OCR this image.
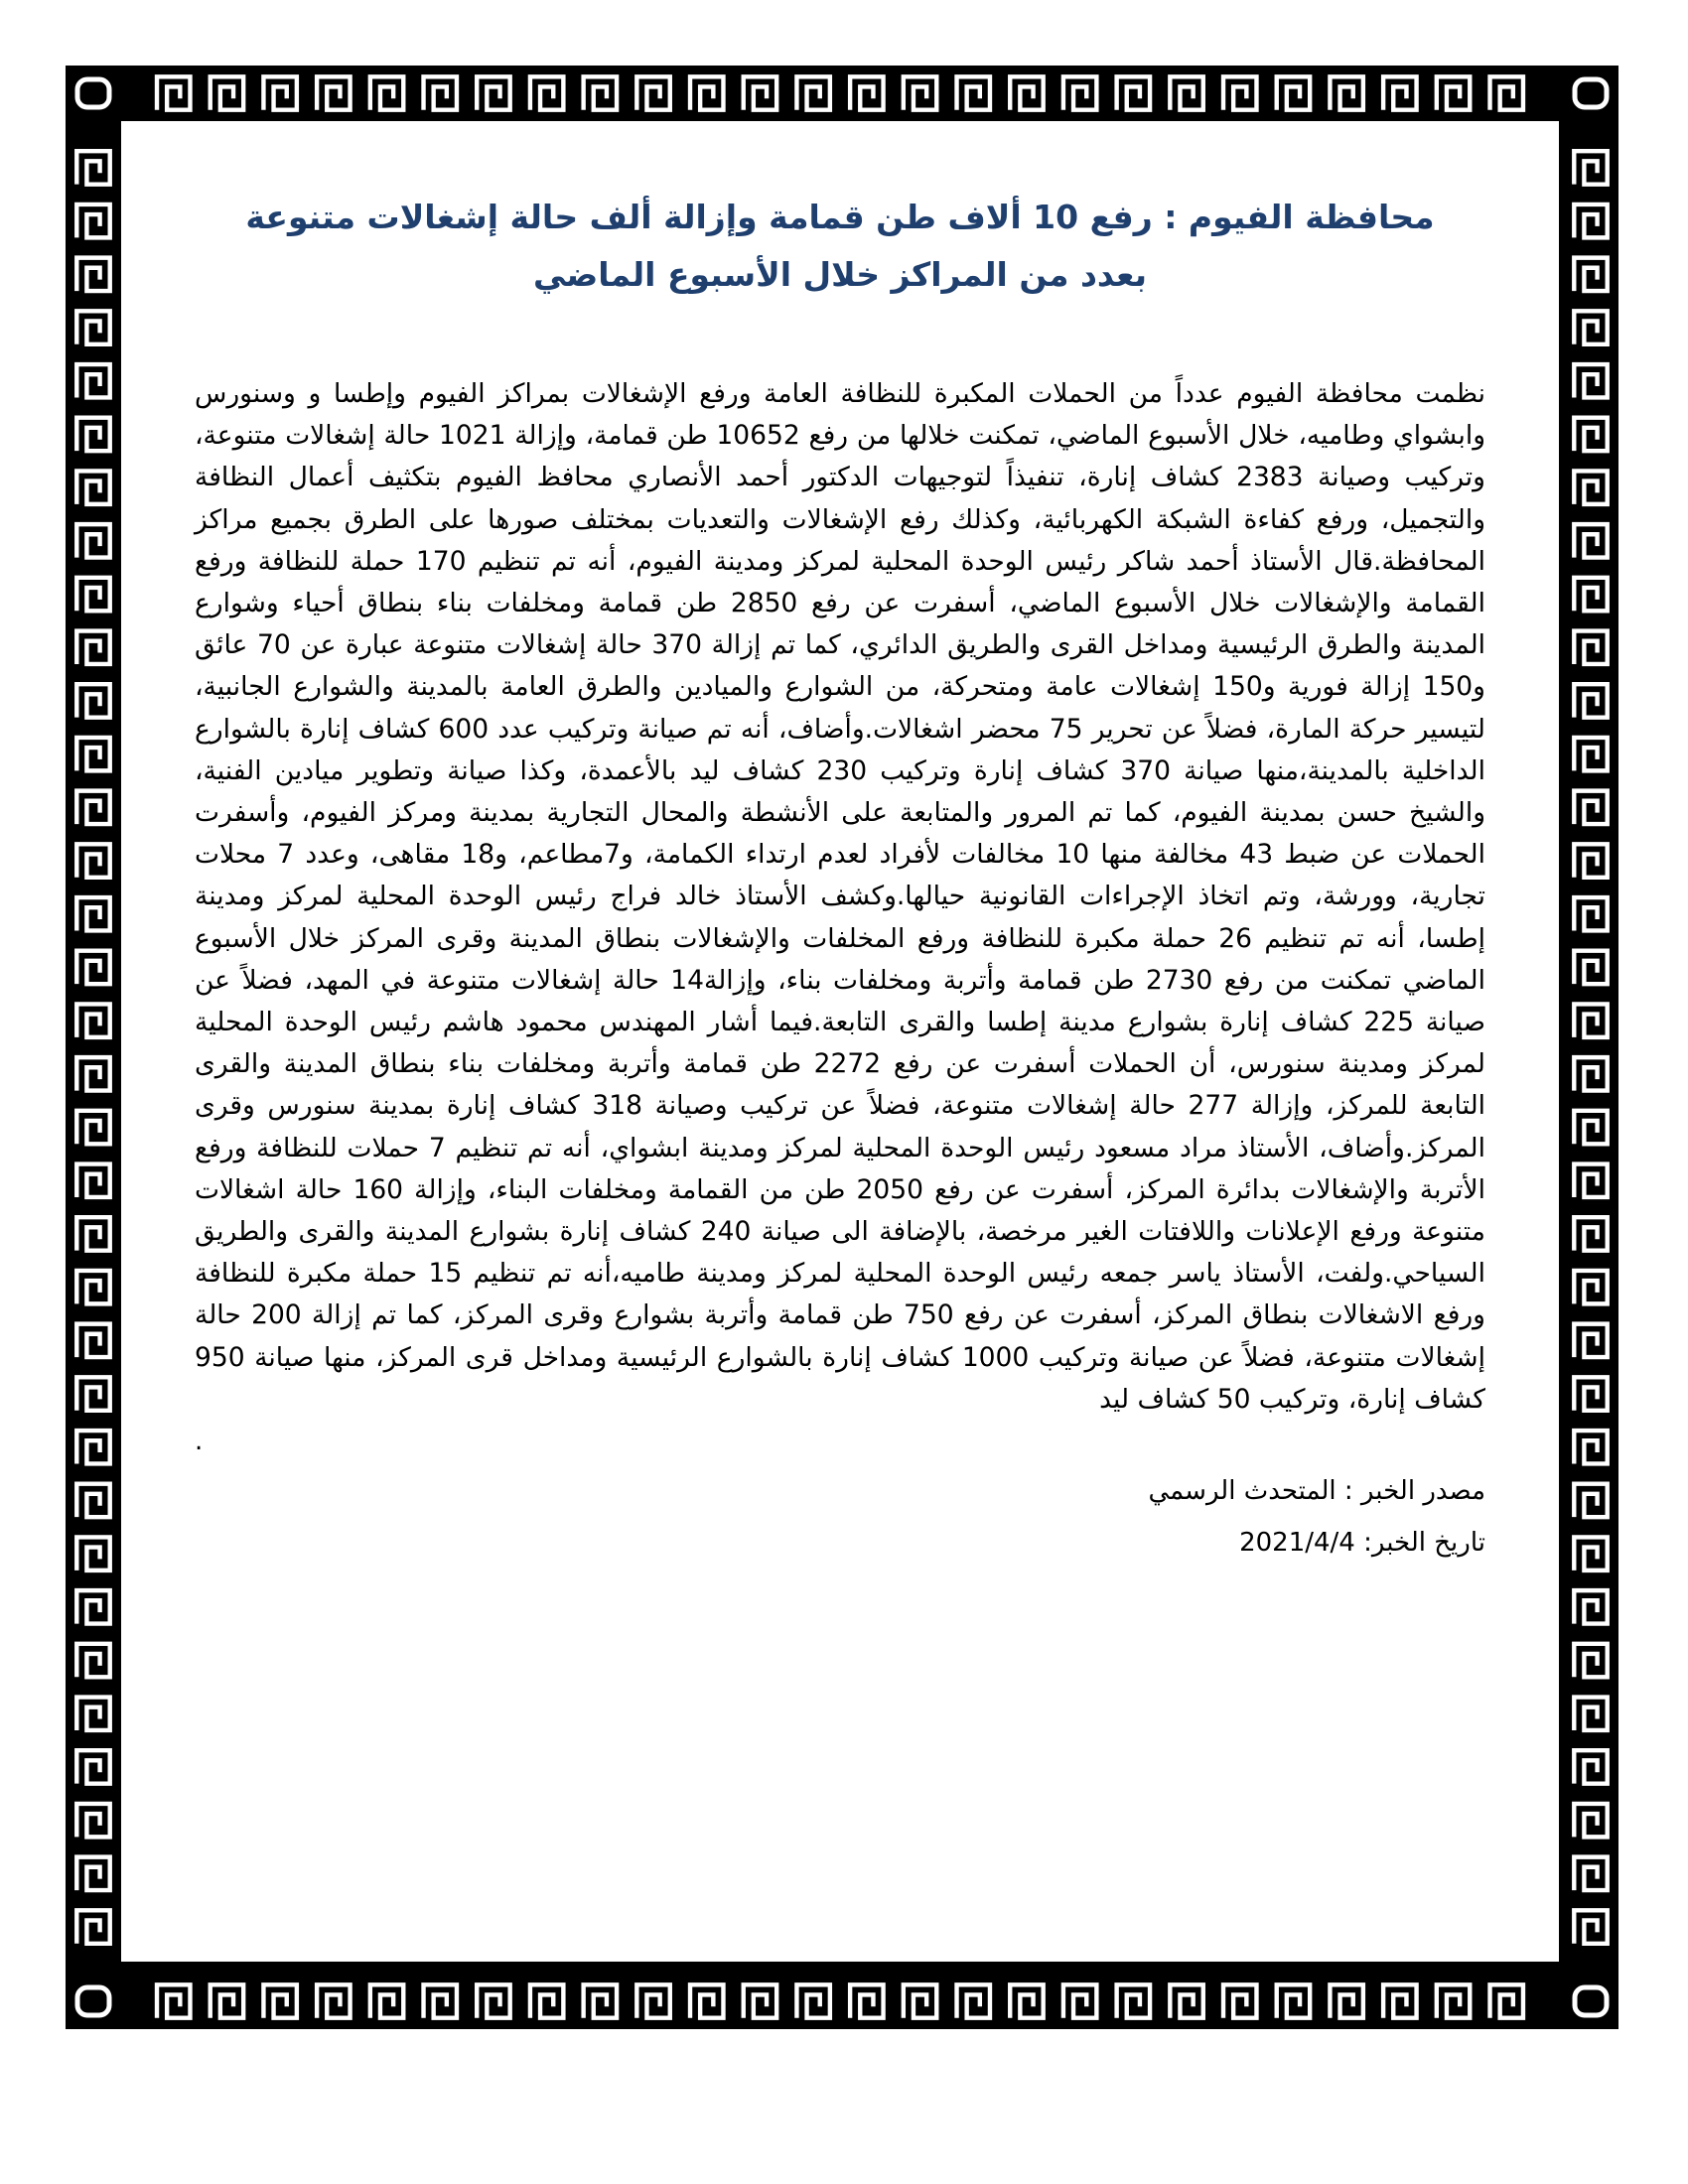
محافظة الفيوم : رفع 10 ألاف طن قمامة وإزالة ألف حالة إشغالات متنوعة بعدد من المراكز خلال الأسبوع الماضي

نظمت محافظة الفيوم عدداً من الحملات المكبرة للنظافة العامة ورفع الإشغالات بمراكز الفيوم وإطسا و وسنورس وابشواي وطاميه، خلال الأسبوع الماضي، تمكنت خلالها من رفع 10652 طن قمامة، وإزالة 1021 حالة إشغالات متنوعة، وتركيب وصيانة 2383 كشاف إنارة، تنفيذاً لتوجيهات الدكتور أحمد الأنصاري محافظ الفيوم بتكثيف أعمال النظافة والتجميل، ورفع كفاءة الشبكة الكهربائية، وكذلك رفع الإشغالات والتعديات بمختلف صورها على الطرق بجميع مراكز المحافظة.قال الأستاذ أحمد شاكر رئيس الوحدة المحلية لمركز ومدينة الفيوم، أنه تم تنظيم 170 حملة للنظافة ورفع القمامة والإشغالات خلال الأسبوع الماضي، أسفرت عن رفع 2850 طن قمامة ومخلفات بناء بنطاق أحياء وشوارع المدينة والطرق الرئيسية ومداخل القرى والطريق الدائري، كما تم إزالة 370 حالة إشغالات متنوعة عبارة عن 70 عائق و150 إزالة فورية و150 إشغالات عامة ومتحركة، من الشوارع والميادين والطرق العامة بالمدينة والشوارع الجانبية، لتيسير حركة المارة، فضلاً عن تحرير 75 محضر اشغالات.وأضاف، أنه تم صيانة وتركيب عدد 600 كشاف إنارة بالشوارع الداخلية بالمدينة،منها صيانة 370 كشاف إنارة وتركيب 230 كشاف ليد بالأعمدة، وكذا صيانة وتطوير ميادين الفنية، والشيخ حسن بمدينة الفيوم، كما تم المرور والمتابعة على الأنشطة والمحال التجارية بمدينة ومركز الفيوم، وأسفرت الحملات عن ضبط 43 مخالفة منها 10 مخالفات لأفراد لعدم ارتداء الكمامة، و7مطاعم، و18 مقاهى، وعدد 7 محلات تجارية، وورشة، وتم اتخاذ الإجراءات القانونية حيالها.وكشف الأستاذ خالد فراج رئيس الوحدة المحلية لمركز ومدينة إطسا، أنه تم تنظيم 26 حملة مكبرة للنظافة ورفع المخلفات والإشغالات بنطاق المدينة وقرى المركز خلال الأسبوع الماضي تمكنت من رفع 2730 طن قمامة وأتربة ومخلفات بناء، وإزالة14 حالة إشغالات متنوعة في المهد، فضلاً عن صيانة 225 كشاف إنارة بشوارع مدينة إطسا والقرى التابعة.فيما أشار المهندس محمود هاشم رئيس الوحدة المحلية لمركز ومدينة سنورس، أن الحملات أسفرت عن رفع 2272 طن قمامة وأتربة ومخلفات بناء بنطاق المدينة والقرى التابعة للمركز، وإزالة 277 حالة إشغالات متنوعة، فضلاً عن تركيب وصيانة 318 كشاف إنارة بمدينة سنورس وقرى المركز.وأضاف، الأستاذ مراد مسعود رئيس الوحدة المحلية لمركز ومدينة ابشواي، أنه تم تنظيم 7 حملات للنظافة ورفع الأتربة والإشغالات بدائرة المركز، أسفرت عن رفع 2050 طن من القمامة ومخلفات البناء، وإزالة 160 حالة اشغالات متنوعة ورفع الإعلانات واللافتات الغير مرخصة، بالإضافة الى صيانة 240 كشاف إنارة بشوارع المدينة والقرى والطريق السياحي.ولفت، الأستاذ ياسر جمعه رئيس الوحدة المحلية لمركز ومدينة طاميه،أنه تم تنظيم 15 حملة مكبرة للنظافة ورفع الاشغالات بنطاق المركز، أسفرت عن رفع 750 طن قمامة وأتربة بشوارع وقرى المركز، كما تم إزالة 200 حالة إشغالات متنوعة، فضلاً عن صيانة وتركيب 1000 كشاف إنارة بالشوارع الرئيسية ومداخل قرى المركز، منها صيانة 950 كشاف إنارة، وتركيب 50 كشاف ليد

.

مصدر الخبر : المتحدث الرسمي
تاريخ الخبر: 2021/4/4
